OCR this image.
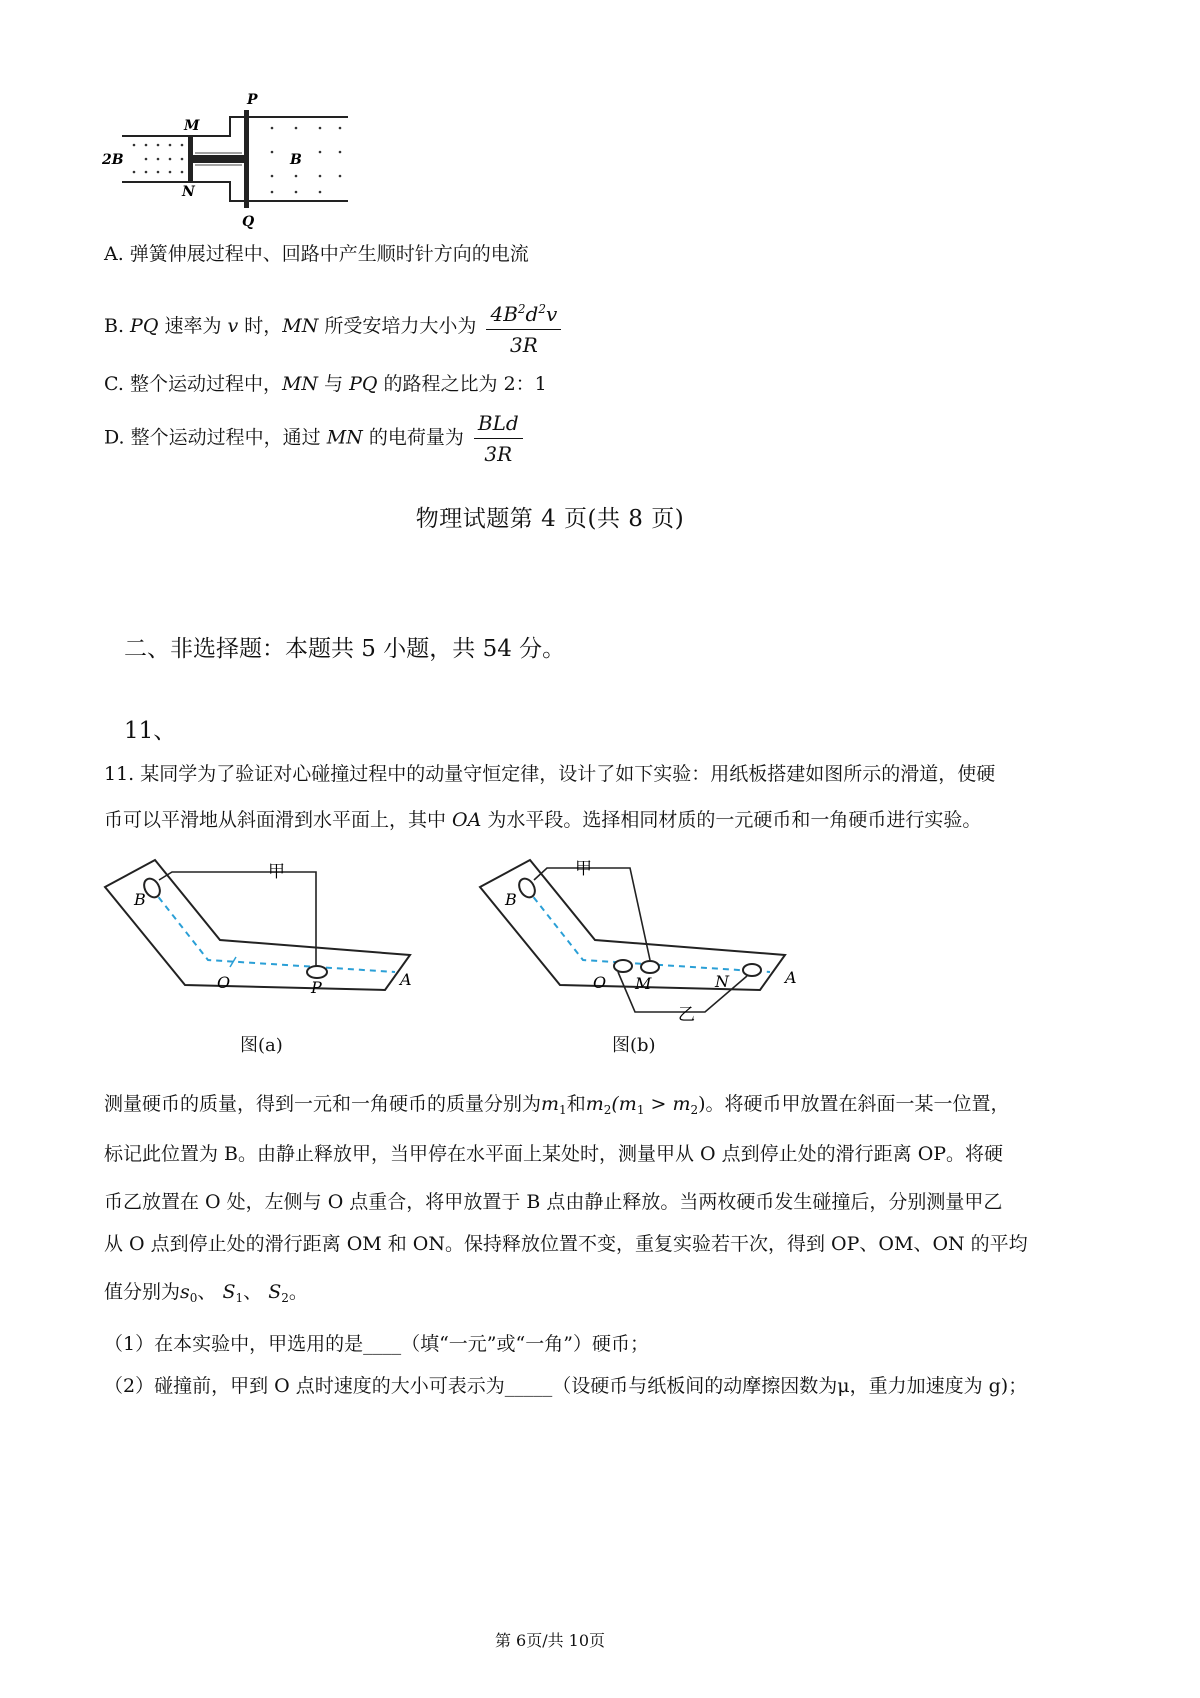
P
M
N
Q
2B	B
A. 弹簧伸展过程中、回路中产生顺时针方向的电流
B. PQ 速率为 v 时，MN 所受安培力大小为 $\frac{4B^2d^2v}{3R}$
C. 整个运动过程中，MN 与 PQ 的路程之比为 2：1
D. 整个运动过程中，通过 MN 的电荷量为 $\frac{\text{BLd}}{3R}$
物理试题第 4 页(共 8 页)
二、非选择题：本题共 5 小题，共 54 分。
11、
11. 某同学为了验证对心碰撞过程中的动量守恒定律，设计了如下实验：用纸板搭建如图所示的滑道，使硬
币可以平滑地从斜面滑到水平面上，其中 OA 为水平段。选择相同材质的一元硬币和一角硬币进行实验。
甲
B
O	P	A
图(a)
甲
B
O M	N	A
乙
图(b)
测量硬币的质量，得到一元和一角硬币的质量分别为$m_1$和$m_2(m_1 > m_2)$。将硬币甲放置在斜面一某一位置，
标记此位置为 B。由静止释放甲，当甲停在水平面上某处时，测量甲从 O 点到停止处的滑行距离 OP。将硬
币乙放置在 O 处，左侧与 O 点重合，将甲放置于 B 点由静止释放。当两枚硬币发生碰撞后，分别测量甲乙
从 O 点到停止处的滑行距离 OM 和 ON。保持释放位置不变，重复实验若干次，得到 OP、OM、ON 的平均
值分别为$s_0$、 $S_1$、 $S_2$。
（1）在本实验中，甲选用的是____（填“一元”或“一角”）硬币；
（2）碰撞前，甲到 O 点时速度的大小可表示为_____（设硬币与纸板间的动摩擦因数为μ，重力加速度为 g)；
第 6页/共 10页
